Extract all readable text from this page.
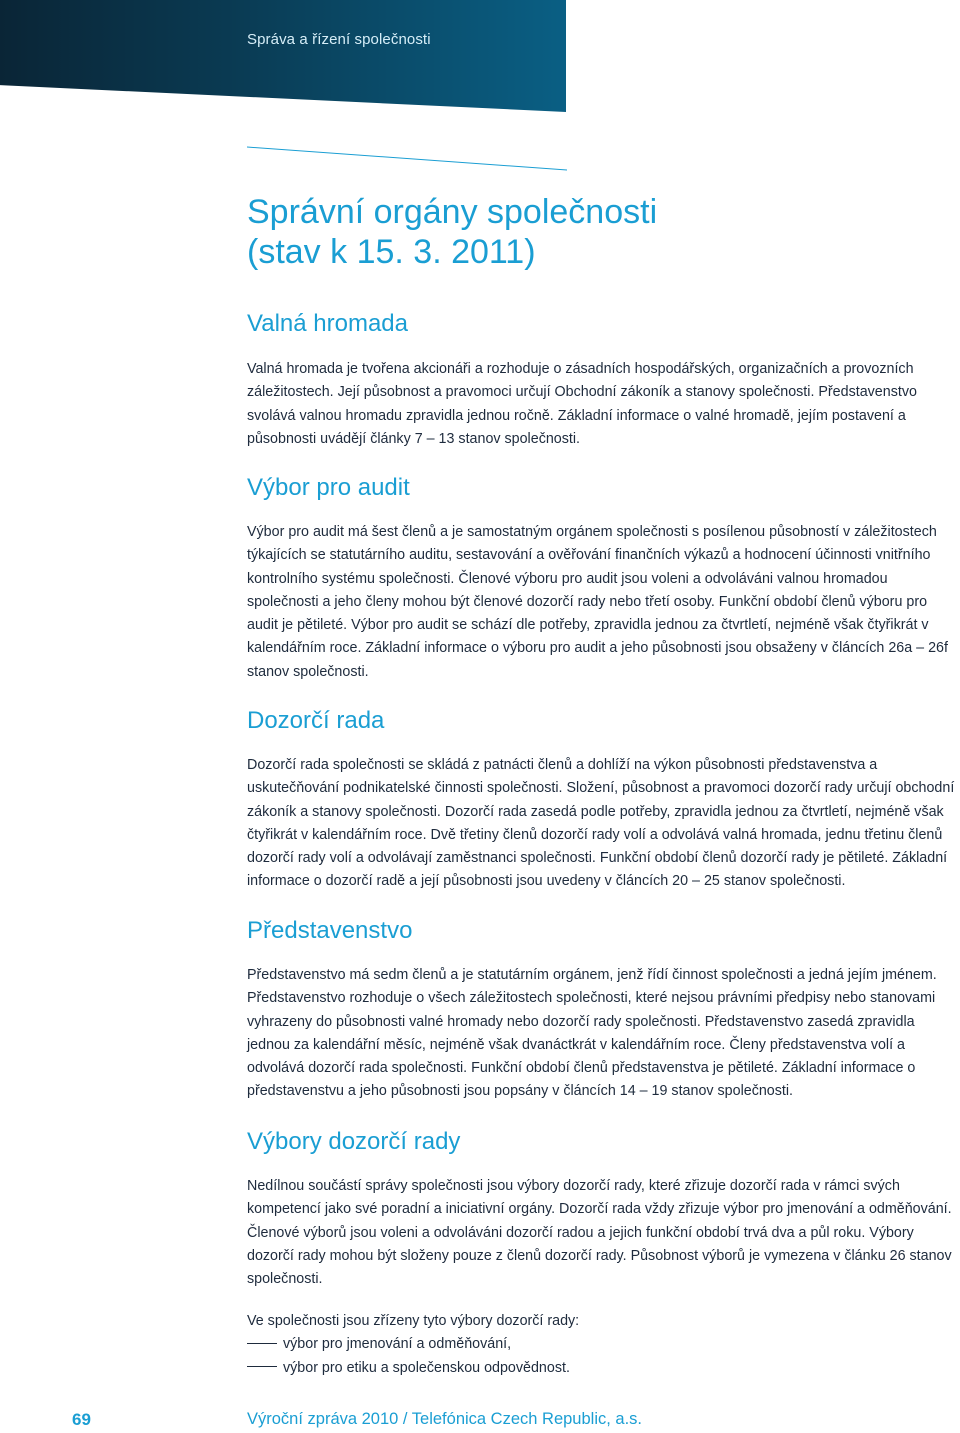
Správa a řízení společnosti
Správní orgány společnosti
(stav k 15. 3. 2011)
Valná hromada

Valná hromada je tvořena akcionáři a rozhoduje o zásadních hospodářských, organizačních a provozních záležitostech. Její působnost a pravomoci určují Obchodní zákoník a stanovy společnosti. Představenstvo svolává valnou hromadu zpravidla jednou ročně. Základní informace o valné hromadě, jejím postavení a působnosti uvádějí články 7 – 13 stanov společnosti.

Výbor pro audit

Výbor pro audit má šest členů a je samostatným orgánem společnosti s posílenou působností v záležitostech týkajících se statutárního auditu, sestavování a ověřování finančních výkazů a hodnocení účinnosti vnitřního kontrolního systému společnosti. Členové výboru pro audit jsou voleni a odvoláváni valnou hromadou společnosti a jeho členy mohou být členové dozorčí rady nebo třetí osoby. Funkční období členů výboru pro audit je pětileté. Výbor pro audit se schází dle potřeby, zpravidla jednou za čtvrtletí, nejméně však čtyřikrát v kalendářním roce. Základní informace o výboru pro audit a jeho působnosti jsou obsaženy v článcích 26a – 26f stanov společnosti.

Dozorčí rada

Dozorčí rada společnosti se skládá z patnácti členů a dohlíží na výkon působnosti představenstva a uskutečňování podnikatelské činnosti společnosti. Složení, působnost a pravomoci dozorčí rady určují obchodní zákoník a stanovy společnosti. Dozorčí rada zasedá podle potřeby, zpravidla jednou za čtvrtletí, nejméně však čtyřikrát v kalendářním roce. Dvě třetiny členů dozorčí rady volí a odvolává valná hromada, jednu třetinu členů dozorčí rady volí a odvolávají zaměstnanci společnosti. Funkční období členů dozorčí rady je pětileté. Základní informace o dozorčí radě a její působnosti jsou uvedeny v článcích 20 – 25 stanov společnosti.

Představenstvo

Představenstvo má sedm členů a je statutárním orgánem, jenž řídí činnost společnosti a jedná jejím jménem. Představenstvo rozhoduje o všech záležitostech společnosti, které nejsou právními předpisy nebo stanovami vyhrazeny do působnosti valné hromady nebo dozorčí rady společnosti. Představenstvo zasedá zpravidla jednou za kalendářní měsíc, nejméně však dvanáctkrát v kalendářním roce. Členy představenstva volí a odvolává dozorčí rada společnosti. Funkční období členů představenstva je pětileté. Základní informace o představenstvu a jeho působnosti jsou popsány v článcích 14 – 19 stanov společnosti.

Výbory dozorčí rady

Nedílnou součástí správy společnosti jsou výbory dozorčí rady, které zřizuje dozorčí rada v rámci svých kompetencí jako své poradní a iniciativní orgány. Dozorčí rada vždy zřizuje výbor pro jmenování a odměňování. Členové výborů jsou voleni a odvoláváni dozorčí radou a jejich funkční období trvá dva a půl roku. Výbory dozorčí rady mohou být složeny pouze z členů dozorčí rady. Působnost výborů je vymezena v článku 26 stanov společnosti.

Ve společnosti jsou zřízeny tyto výbory dozorčí rady:
výbor pro jmenování a odměňování,
výbor pro etiku a společenskou odpovědnost.
69	Výroční zpráva 2010 / Telefónica Czech Republic, a.s.
